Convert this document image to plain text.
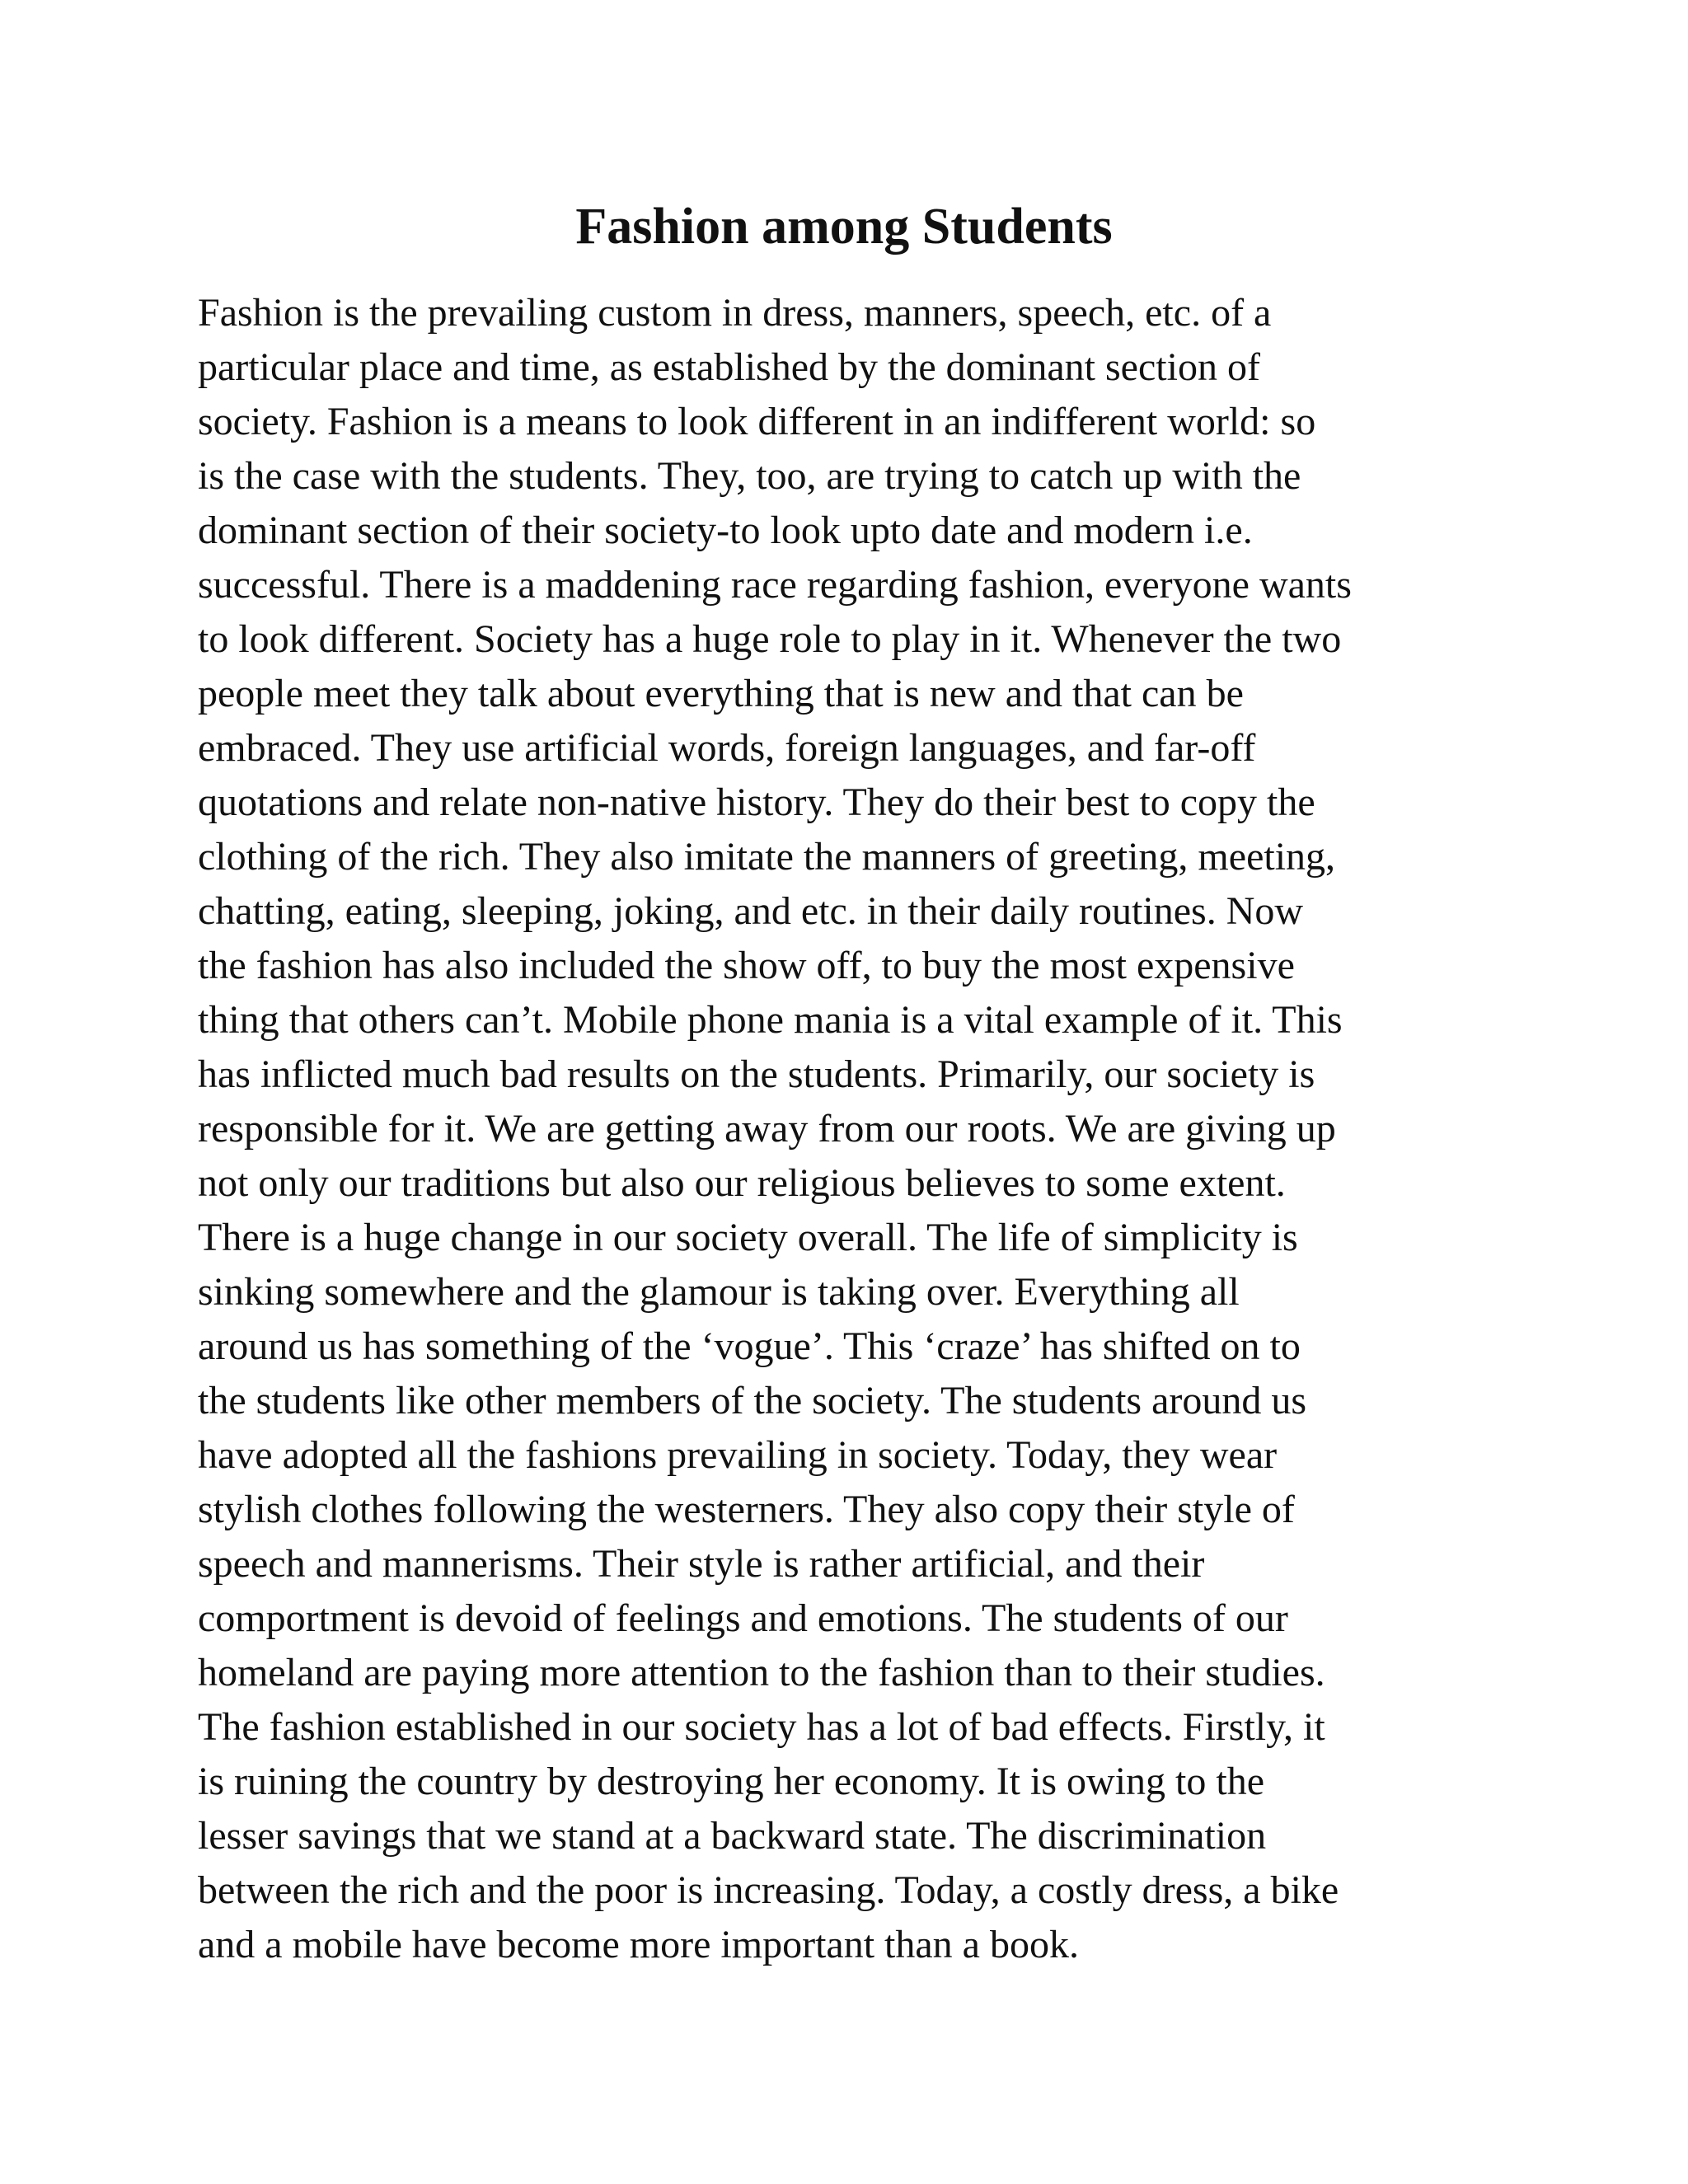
Fashion among Students
Fashion is the prevailing custom in dress, manners, speech, etc. of a
particular place and time, as established by the dominant section of
society. Fashion is a means to look different in an indifferent world: so
is the case with the students. They, too, are trying to catch up with the
dominant section of their society-to look upto date and modern i.e.
successful. There is a maddening race regarding fashion, everyone wants
to look different. Society has a huge role to play in it. Whenever the two
people meet they talk about everything that is new and that can be
embraced. They use artificial words, foreign languages, and far-off
quotations and relate non-native history. They do their best to copy the
clothing of the rich. They also imitate the manners of greeting, meeting,
chatting, eating, sleeping, joking, and etc. in their daily routines. Now
the fashion has also included the show off, to buy the most expensive
thing that others can’t. Mobile phone mania is a vital example of it. This
has inflicted much bad results on the students. Primarily, our society is
responsible for it. We are getting away from our roots. We are giving up
not only our traditions but also our religious believes to some extent.
There is a huge change in our society overall. The life of simplicity is
sinking somewhere and the glamour is taking over. Everything all
around us has something of the ‘vogue’. This ‘craze’ has shifted on to
the students like other members of the society. The students around us
have adopted all the fashions prevailing in society. Today, they wear
stylish clothes following the westerners. They also copy their style of
speech and mannerisms. Their style is rather artificial, and their
comportment is devoid of feelings and emotions. The students of our
homeland are paying more attention to the fashion than to their studies.
The fashion established in our society has a lot of bad effects. Firstly, it
is ruining the country by destroying her economy. It is owing to the
lesser savings that we stand at a backward state. The discrimination
between the rich and the poor is increasing. Today, a costly dress, a bike
and a mobile have become more important than a book.
